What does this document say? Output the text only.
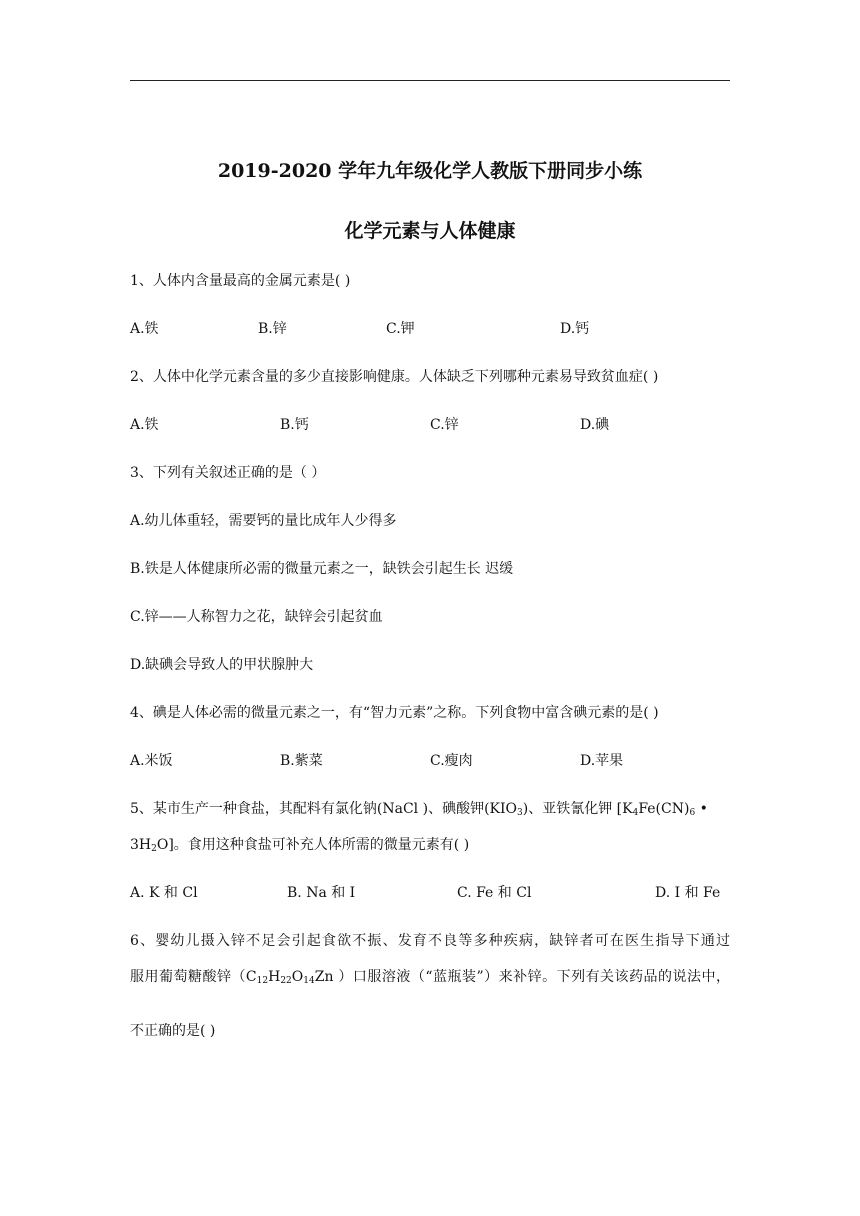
2019-2020 学年九年级化学人教版下册同步小练
化学元素与人体健康
1、人体内含量最高的金属元素是( )
A.铁	B.锌	C.钾	D.钙
2、人体中化学元素含量的多少直接影响健康。人体缺乏下列哪种元素易导致贫血症( )
A.铁	B.钙	C.锌	D.碘
3、下列有关叙述正确的是（ ）
A.幼儿体重轻，需要钙的量比成年人少得多
B.铁是人体健康所必需的微量元素之一，缺铁会引起生长 迟缓
C.锌——人称智力之花，缺锌会引起贫血
D.缺碘会导致人的甲状腺肿大
4、碘是人体必需的微量元素之一，有“智力元素”之称。下列食物中富含碘元素的是( )
A.米饭	B.紫菜	C.瘦肉	D.苹果
5、某市生产一种食盐，其配料有氯化钠(NaCl )、碘酸钾$(KIO_3)$、亚铁氰化钾 [$K_4Fe(CN)_6$ •
$3H_2O$]。食用这种食盐可补充人体所需的微量元素有( )
A. K 和 Cl	B. Na 和 I	C. Fe 和 Cl	D. I 和 Fe
6、婴幼儿摄入锌不足会引起食欲不振、发育不良等多种疾病，缺锌者可在医生指导下通过
服用葡萄糖酸锌（$C_{12}H_{22}O_{14}Zn$ ）口服溶液（“蓝瓶装”）来补锌。下列有关该药品的说法中，
不正确的是( )
